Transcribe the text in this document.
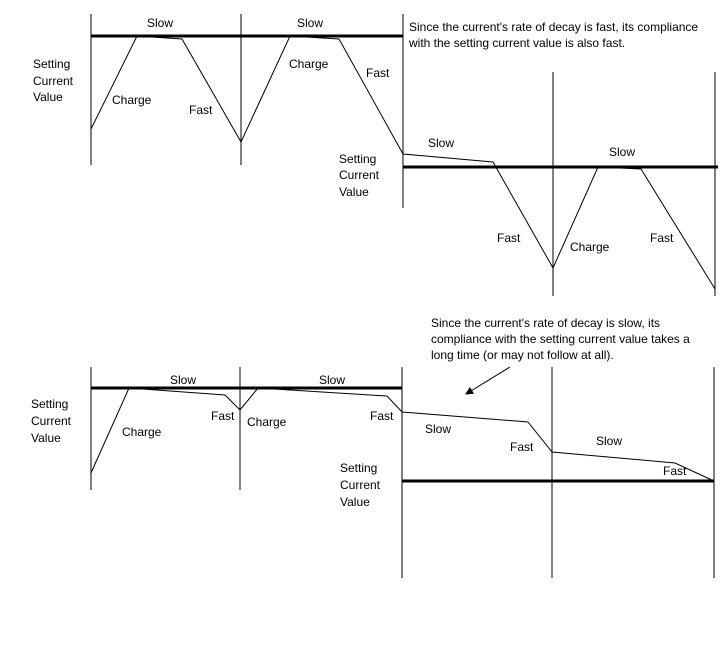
Slow	Slow
Slow
Slow
Charge
Charge
Charge
Fast
Fast
Fast	Fast
Setting
Current
Value
Setting
Current
Value
Slow	Slow
Slow
Slow
Charge
Charge
Fast	Fast
Fast
Fast
Setting
Current
Value
Setting
Current
Value

Since the current's rate of decay is fast, its compliance with the setting current value is also fast.

Since the current's rate of decay is slow, its compliance with the setting current value takes a long time (or may not follow at all).
